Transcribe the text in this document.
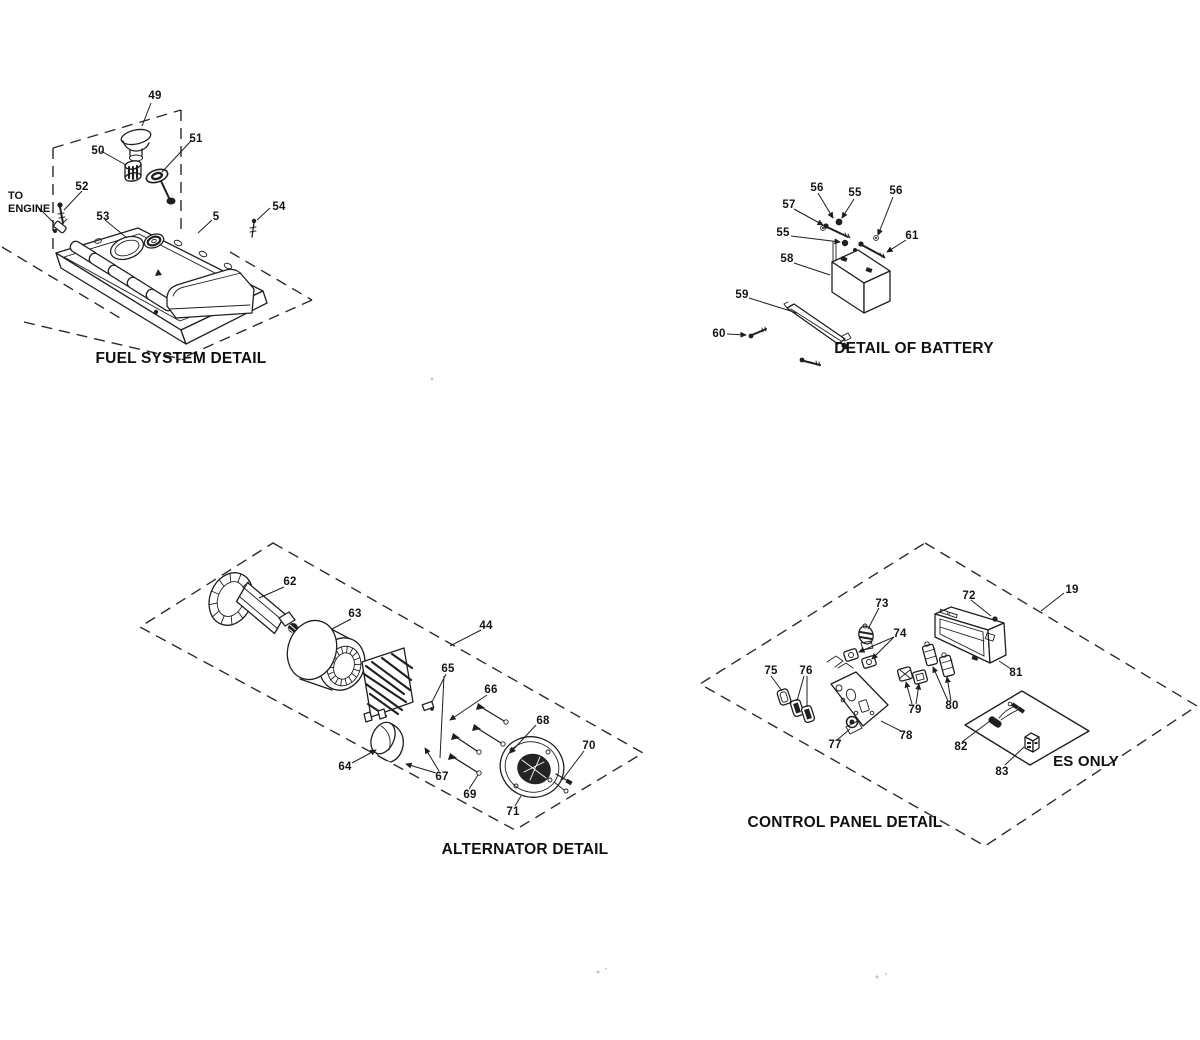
49
50
51
52
53	5
54
TO
ENGINE
FUEL SYSTEM DETAIL
56 55 56
57
55	61
58
59
60
DETAIL OF BATTERY
62
63
44
65
66
68
70
64
67
69
71
ALTERNATOR DETAIL
73
72	19
74
75 76	81
79 80
77
78
82
83
ES ONLY
CONTROL PANEL DETAIL
